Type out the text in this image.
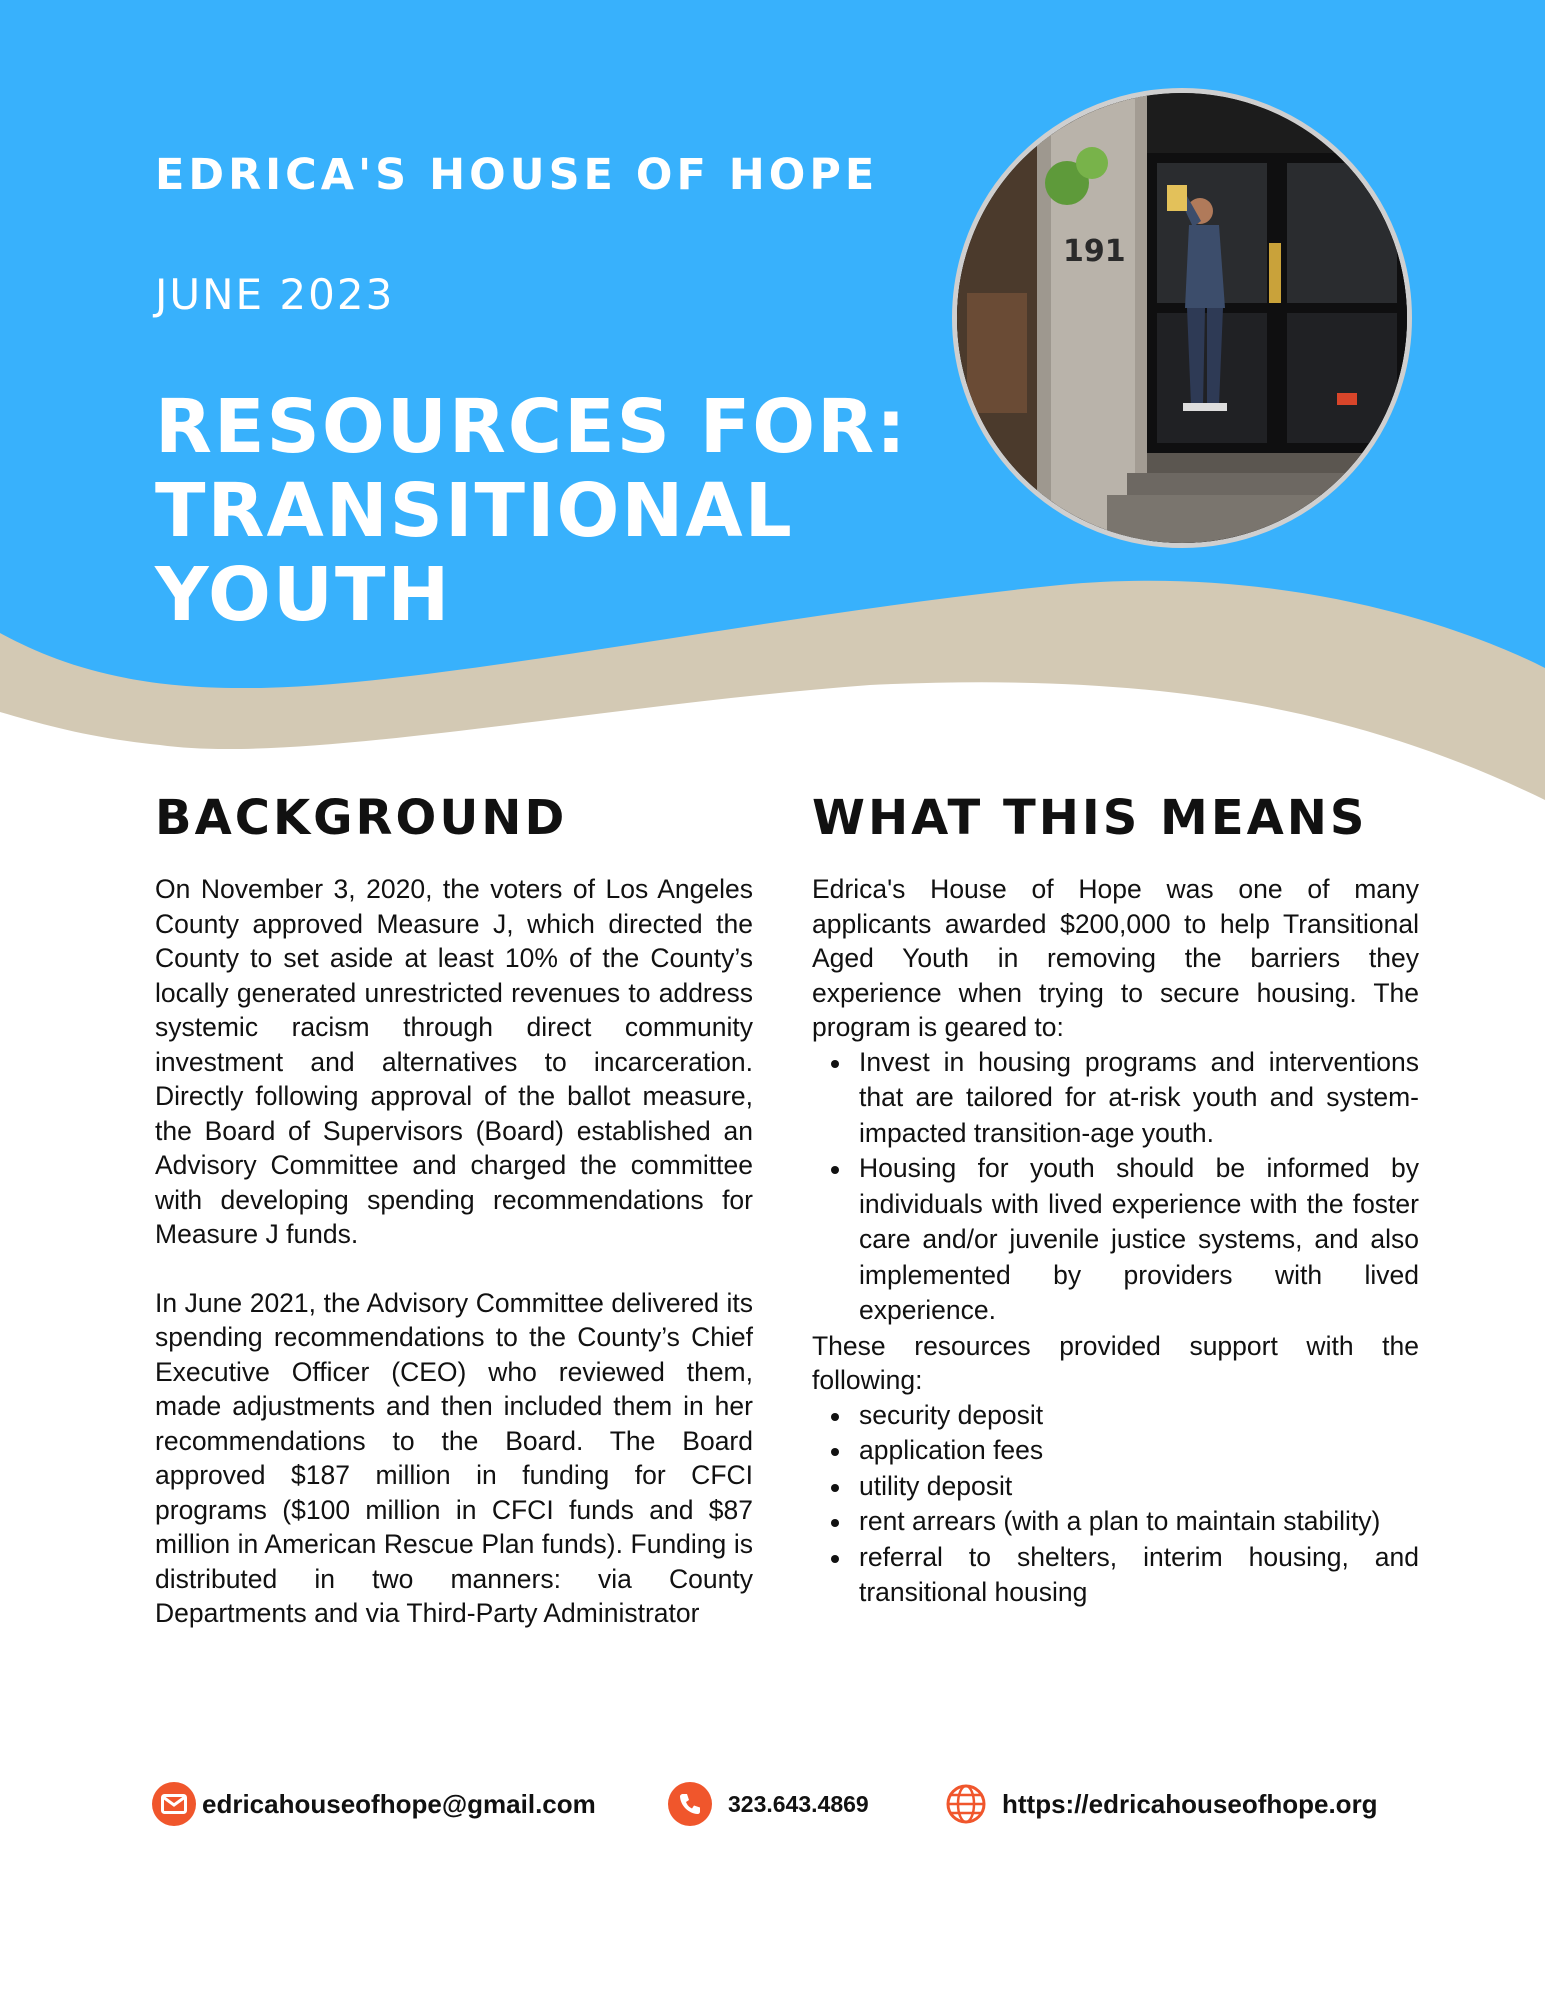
EDRICA'S HOUSE OF HOPE

JUNE 2023

RESOURCES FOR:
TRANSITIONAL
YOUTH
191
BACKGROUND

On November 3, 2020, the voters of Los Angeles County approved Measure J, which directed the County to set aside at least 10% of the County’s locally generated unrestricted revenues to address systemic racism through direct community investment and alternatives to incarceration. Directly following approval of the ballot measure, the Board of Supervisors (Board) established an Advisory Committee and charged the committee with developing spending recommendations for Measure J funds.

In June 2021, the Advisory Committee delivered its spending recommendations to the County’s Chief Executive Officer (CEO) who reviewed them, made adjustments and then included them in her recommendations to the Board. The Board approved $187 million in funding for CFCI programs ($100 million in CFCI funds and $87 million in American Rescue Plan funds). Funding is distributed in two manners: via County Departments and via Third-Party Administrator

WHAT THIS MEANS

Edrica's House of Hope was one of many applicants awarded $200,000 to help Transitional Aged Youth in removing the barriers they experience when trying to secure housing. The program is geared to:

Invest in housing programs and interventions that are tailored for at-risk youth and system-impacted transition-age youth.
Housing for youth should be informed by individuals with lived experience with the foster care and/or juvenile justice systems, and also implemented by providers with lived experience.

These resources provided support with the following:

security deposit
application fees
utility deposit
rent arrears (with a plan to maintain stability)
referral to shelters, interim housing, and transitional housing
edricahouseofhope@gmail.com	323.643.4869	https://edricahouseofhope.org
